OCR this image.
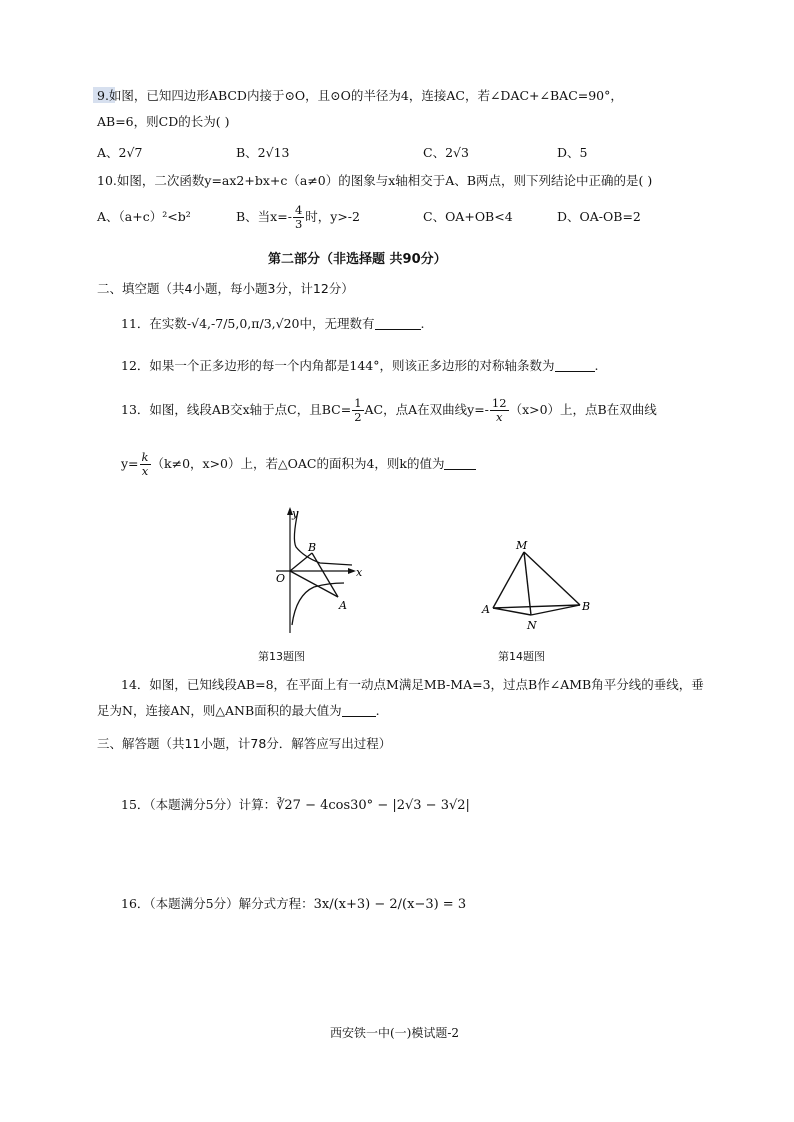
9.如图，已知四边形ABCD内接于⊙O，且⊙O的半径为4，连接AC，若∠DAC+∠BAC=90°，
AB=6，则CD的长为( )
A、2√7	B、2√13	C、2√3	D、5
10.如图，二次函数y=ax2+bx+c（a≠0）的图象与x轴相交于A、B两点，则下列结论中正确的是( )
A、（a+c）²<b²	B、当$x=- \frac{4}{3}$ 时，y>-2	C、OA+OB<4	D、OA-OB=2
第二部分（非选择题 共90分）
二、填空题（共4小题，每小题3分，计12分）
11．在实数-√4,-7/5,0,π/3,√20中，无理数有	.
12．如果一个正多边形的每一个内角都是144°，则该正多边形的对称轴条数为	.
13．如图，线段AB交x轴于点C，且$BC= \frac{1}{2}$ AC，点A在双曲线$y=- \frac{12}{x} (x>0)$上，点B在双曲线
$y= \frac{k}{x} (k\ne 0$，x>0）上，若△OAC的面积为4，则k的值为
y
x
O
B
A
第13题图
M
A	B
N
第14题图
14．如图，已知线段AB=8，在平面上有一动点M满足MB-MA=3，过点B作∠AMB角平分线的垂线，垂
足为N，连接AN，则△ANB面积的最大值为	.
三、解答题（共11小题，计78分．解答应写出过程）
15．（本题满分5分）计算：∛27 − 4cos30° − |2√3 − 3√2|
16．（本题满分5分）解分式方程：3x/(x+3) − 2/(x−3) = 3
西安铁一中(一)模试题-2
